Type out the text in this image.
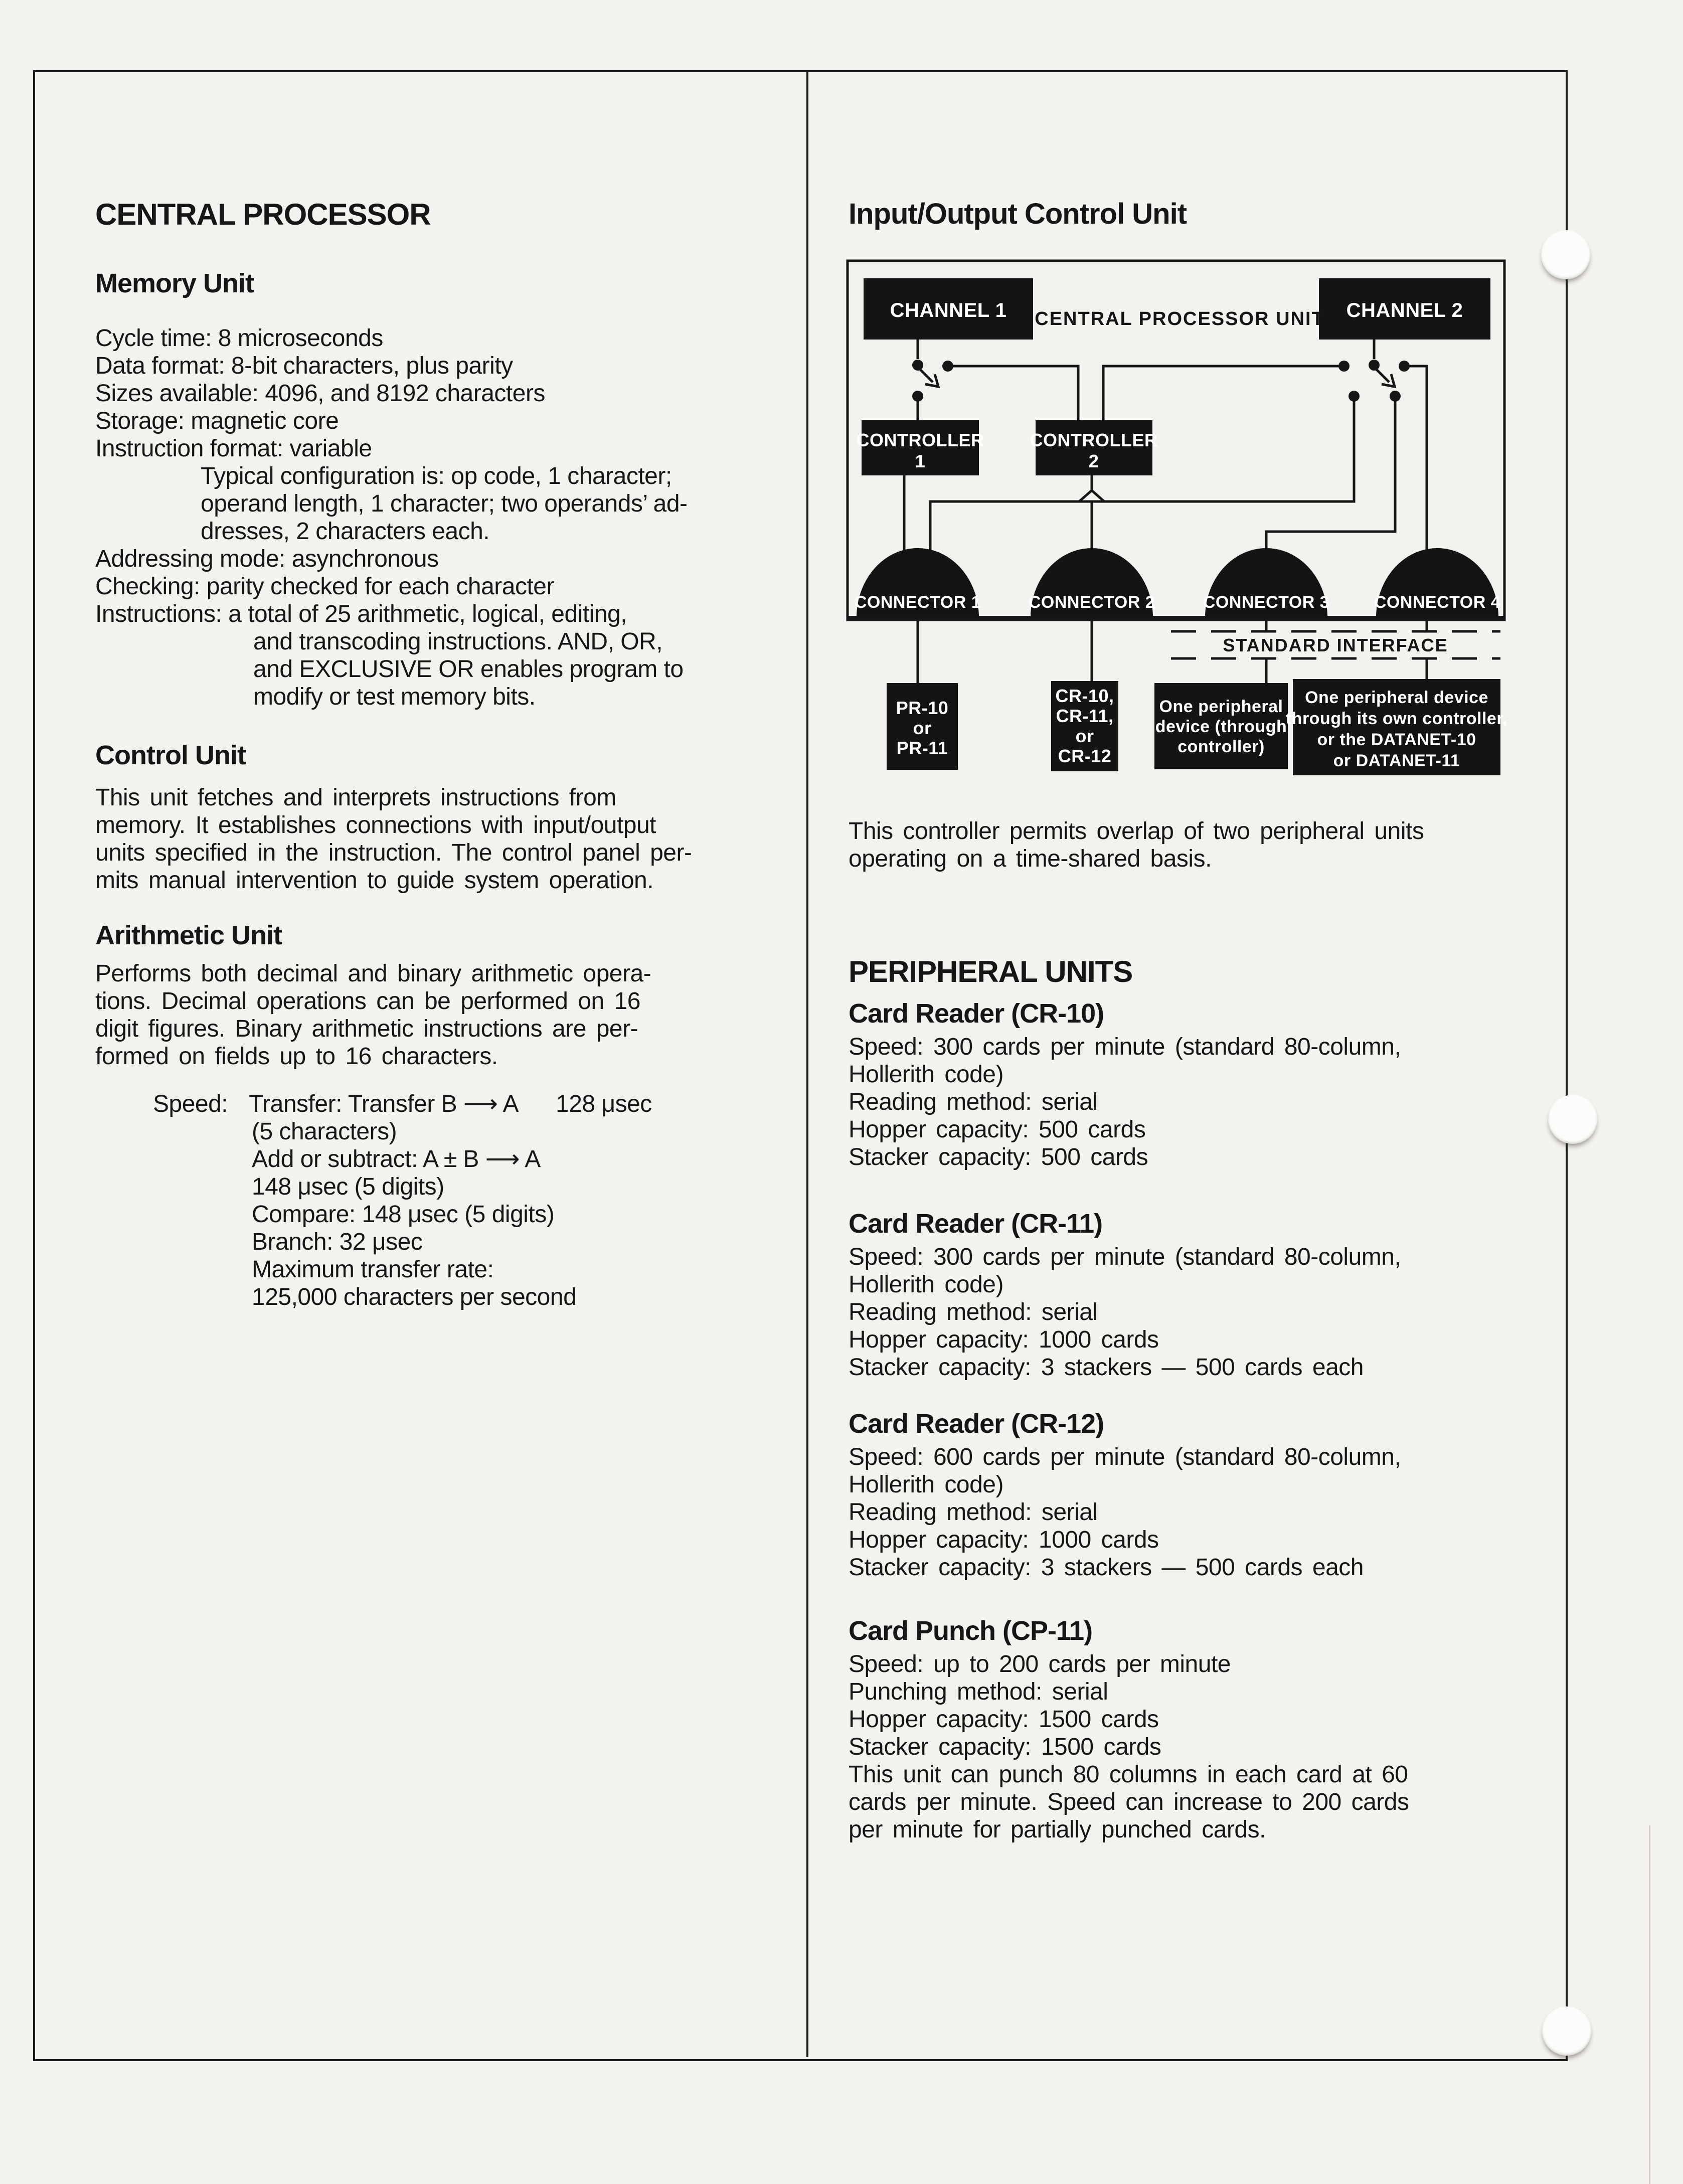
CENTRAL PROCESSOR
Memory Unit
Cycle time: 8 microseconds
Data format: 8-bit characters, plus parity
Sizes available: 4096, and 8192 characters
Storage: magnetic core
Instruction format: variable
Typical configuration is: op code, 1 character;
operand length, 1 character; two operands’ ad-
dresses, 2 characters each.
Addressing mode: asynchronous
Checking: parity checked for each character
Instructions: a total of 25 arithmetic, logical, editing,
and transcoding instructions. AND, OR,
and EXCLUSIVE OR enables program to
modify or test memory bits.
Control Unit
This unit fetches and interprets instructions from
memory. It establishes connections with input/output
units specified in the instruction. The control panel per-
mits manual intervention to guide system operation.
Arithmetic Unit
Performs both decimal and binary arithmetic opera-
tions. Decimal operations can be performed on 16
digit figures. Binary arithmetic instructions are per-
formed on fields up to 16 characters.
Speed: Transfer: Transfer B ⟶ A 128 μsec
(5 characters)
Add or subtract: A ± B ⟶ A
148 μsec (5 digits)
Compare: 148 μsec (5 digits)
Branch: 32 μsec
Maximum transfer rate:
125,000 characters per second
Input/Output Control Unit
CHANNEL 1	CHANNEL 2
CENTRAL PROCESSOR UNIT
CONTROLLER
1
CONTROLLER
2
CONNECTOR 1	CONNECTOR 2	CONNECTOR 3	CONNECTOR 4
STANDARD INTERFACE
PR-10
or
PR-11
CR-10,
CR-11,
or
CR-12
One peripheral
device (through
controller)
One peripheral device
through its own controller,
or the DATANET-10
or DATANET-11
This controller permits overlap of two peripheral units
operating on a time-shared basis.
PERIPHERAL UNITS
Card Reader (CR-10)
Speed: 300 cards per minute (standard 80-column,
Hollerith code)
Reading method: serial
Hopper capacity: 500 cards
Stacker capacity: 500 cards
Card Reader (CR-11)
Speed: 300 cards per minute (standard 80-column,
Hollerith code)
Reading method: serial
Hopper capacity: 1000 cards
Stacker capacity: 3 stackers — 500 cards each
Card Reader (CR-12)
Speed: 600 cards per minute (standard 80-column,
Hollerith code)
Reading method: serial
Hopper capacity: 1000 cards
Stacker capacity: 3 stackers — 500 cards each
Card Punch (CP-11)
Speed: up to 200 cards per minute
Punching method: serial
Hopper capacity: 1500 cards
Stacker capacity: 1500 cards
This unit can punch 80 columns in each card at 60
cards per minute. Speed can increase to 200 cards
per minute for partially punched cards.
